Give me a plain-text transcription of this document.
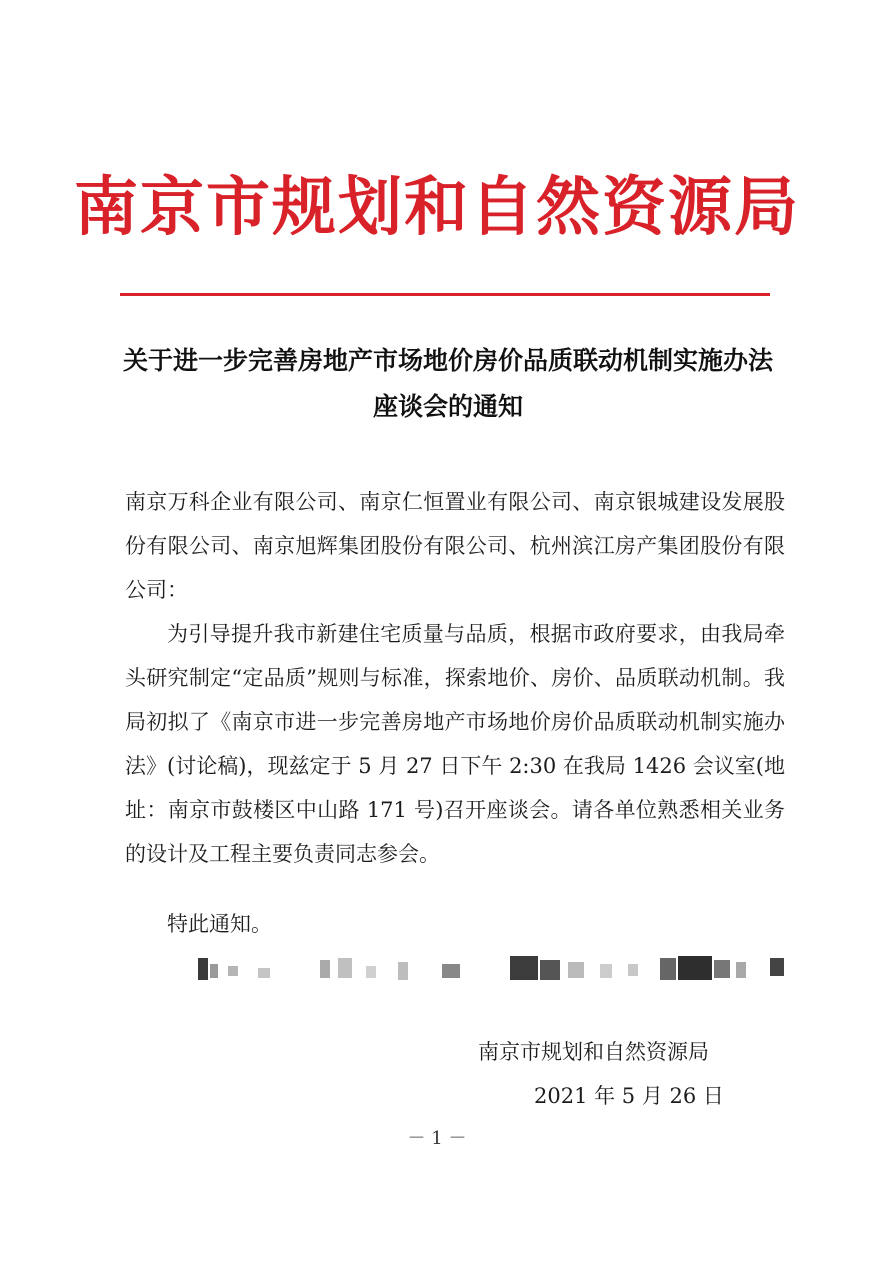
南京市规划和自然资源局
关于进一步完善房地产市场地价房价品质联动机制实施办法座谈会的通知
南京万科企业有限公司、南京仁恒置业有限公司、南京银城建设发展股份有限公司、南京旭辉集团股份有限公司、杭州滨江房产集团股份有限公司：
为引导提升我市新建住宅质量与品质，根据市政府要求，由我局牵头研究制定“定品质”规则与标准，探索地价、房价、品质联动机制。我局初拟了《南京市进一步完善房地产市场地价房价品质联动机制实施办法》(讨论稿)，现兹定于 5 月 27 日下午 2:30 在我局 1426 会议室(地址：南京市鼓楼区中山路 171 号)召开座谈会。请各单位熟悉相关业务的设计及工程主要负责同志参会。
特此通知。
南京市规划和自然资源局
2021 年 5 月 26 日
－ 1 －
